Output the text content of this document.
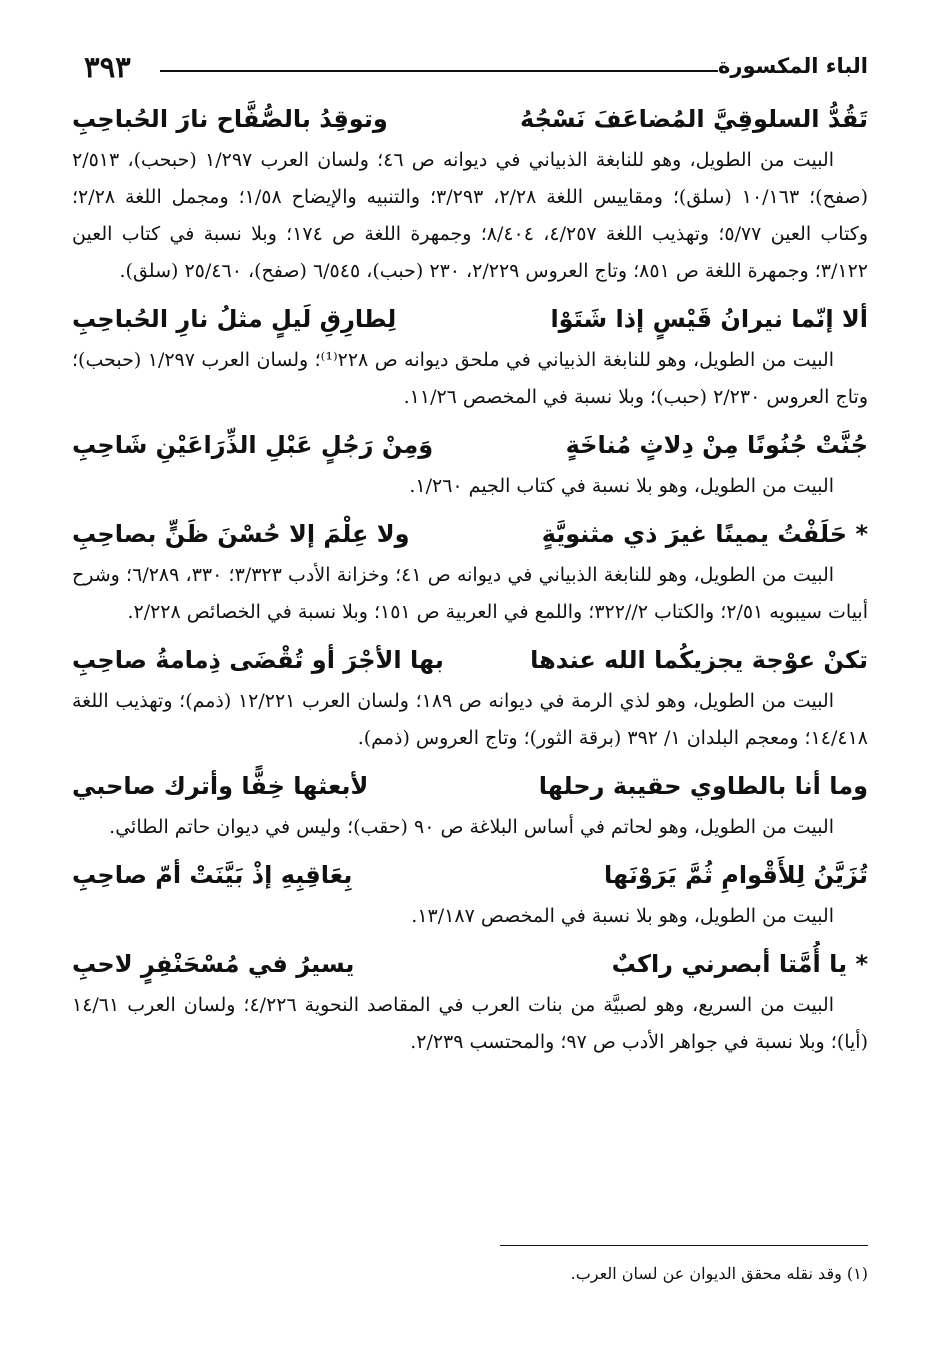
الباء المكسورة
٣٩٣
تَقُدُّ السلوقِيَّ المُضاعَفَ نَسْجُهُ
وتوقِدُ بالصُّفَّاح نارَ الحُباحِبِ

البيت من الطويل، وهو للنابغة الذبياني في ديوانه ص ٤٦؛ ولسان العرب ١/٢٩٧ (حبحب)، ٢/٥١٣ (صفح)؛ ١٠/١٦٣ (سلق)؛ ومقاييس اللغة ٢/٢٨، ٣/٢٩٣؛ والتنبيه والإيضاح ١/٥٨؛ ومجمل اللغة ٢/٢٨؛ وكتاب العين ٥/٧٧؛ وتهذيب اللغة ٤/٢٥٧، ٨/٤٠٤؛ وجمهرة اللغة ص ١٧٤؛ وبلا نسبة في كتاب العين ٣/١٢٢؛ وجمهرة اللغة ص ٨٥١؛ وتاج العروس ٢/٢٢٩، ٢٣٠ (حبب)، ٦/٥٤٥ (صفح)، ٢٥/٤٦٠ (سلق).

ألا إنّما نيرانُ قَيْسٍ إذا شَتَوْا
لِطارِقِ لَيلٍ مثلُ نارِ الحُباحِبِ

البيت من الطويل، وهو للنابغة الذبياني في ملحق ديوانه ص ٢٢٨⁽¹⁾؛ ولسان العرب ١/٢٩٧ (حبحب)؛ وتاج العروس ٢/٢٣٠ (حبب)؛ وبلا نسبة في المخصص ١١/٢٦.

جُنَّتْ جُنُونًا مِنْ دِلاثٍ مُناخَةٍ
وَمِنْ رَجُلٍ عَبْلِ الذِّرَاعَيْنِ شَاحِبِ

البيت من الطويل، وهو بلا نسبة في كتاب الجيم ١/٢٦٠.

* حَلَفْتُ يمينًا غيرَ ذي مثنويَّةٍ
ولا عِلْمَ إلا حُسْنَ ظَنٍّ بصاحِبِ

البيت من الطويل، وهو للنابغة الذبياني في ديوانه ص ٤١؛ وخزانة الأدب ٣/٣٢٣؛ ٣٣٠، ٦/٢٨٩؛ وشرح أبيات سيبويه ٢/٥١؛ والكتاب ٢//٣٢٢؛ واللمع في العربية ص ١٥١؛ وبلا نسبة في الخصائص ٢/٢٢٨.

تكنْ عوْجة يجزيكُما الله عندها
بها الأجْرَ أو تُقْضَى ذِمامةُ صاحِبِ

البيت من الطويل، وهو لذي الرمة في ديوانه ص ١٨٩؛ ولسان العرب ١٢/٢٢١ (ذمم)؛ وتهذيب اللغة ١٤/٤١٨؛ ومعجم البلدان ١/ ٣٩٢ (برقة الثور)؛ وتاج العروس (ذمم).

وما أنا بالطاوي حقيبة رحلها
لأبعثها خِفًّا وأترك صاحبي

البيت من الطويل، وهو لحاتم في أساس البلاغة ص ٩٠ (حقب)؛ وليس في ديوان حاتم الطائي.

تُزَيَّنُ لِلأَقْوامِ ثُمَّ يَرَوْنَها
بِعَاقِبِهِ إذْ بَيَّنَتْ أمّ صاحِبِ

البيت من الطويل، وهو بلا نسبة في المخصص ١٣/١٨٧.

* يا أُمَّتا أبصرني راكبٌ
يسيرُ في مُسْحَنْفِرٍ لاحبِ

البيت من السريع، وهو لصبيَّة من بنات العرب في المقاصد النحوية ٤/٢٢٦؛ ولسان العرب ١٤/٦١ (أيا)؛ وبلا نسبة في جواهر الأدب ص ٩٧؛ والمحتسب ٢/٢٣٩.

(١) وقد نقله محقق الديوان عن لسان العرب.
